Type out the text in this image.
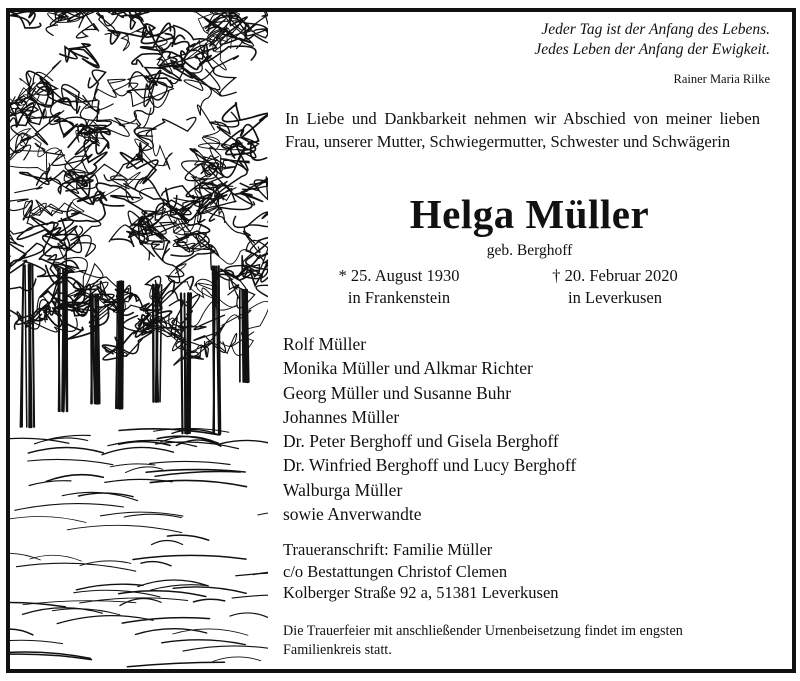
Jeder Tag ist der Anfang des Lebens.
Jedes Leben der Anfang der Ewigkeit.
Rainer Maria Rilke
In Liebe und Dankbarkeit nehmen wir Abschied von meiner lieben Frau, unserer Mutter, Schwiegermutter, Schwester und Schwägerin
Helga Müller
geb. Berghoff
* 25. August 1930
in Frankenstein
† 20. Februar 2020
in Leverkusen
Rolf Müller
Monika Müller und Alkmar Richter
Georg Müller und Susanne Buhr
Johannes Müller
Dr. Peter Berghoff und Gisela Berghoff
Dr. Winfried Berghoff und Lucy Berghoff
Walburga Müller
sowie Anverwandte
Traueranschrift: Familie Müller
c/o Bestattungen Christof Clemen
Kolberger Straße 92 a, 51381 Leverkusen
Die Trauerfeier mit anschließender Urnenbeisetzung findet im engsten Familienkreis statt.
